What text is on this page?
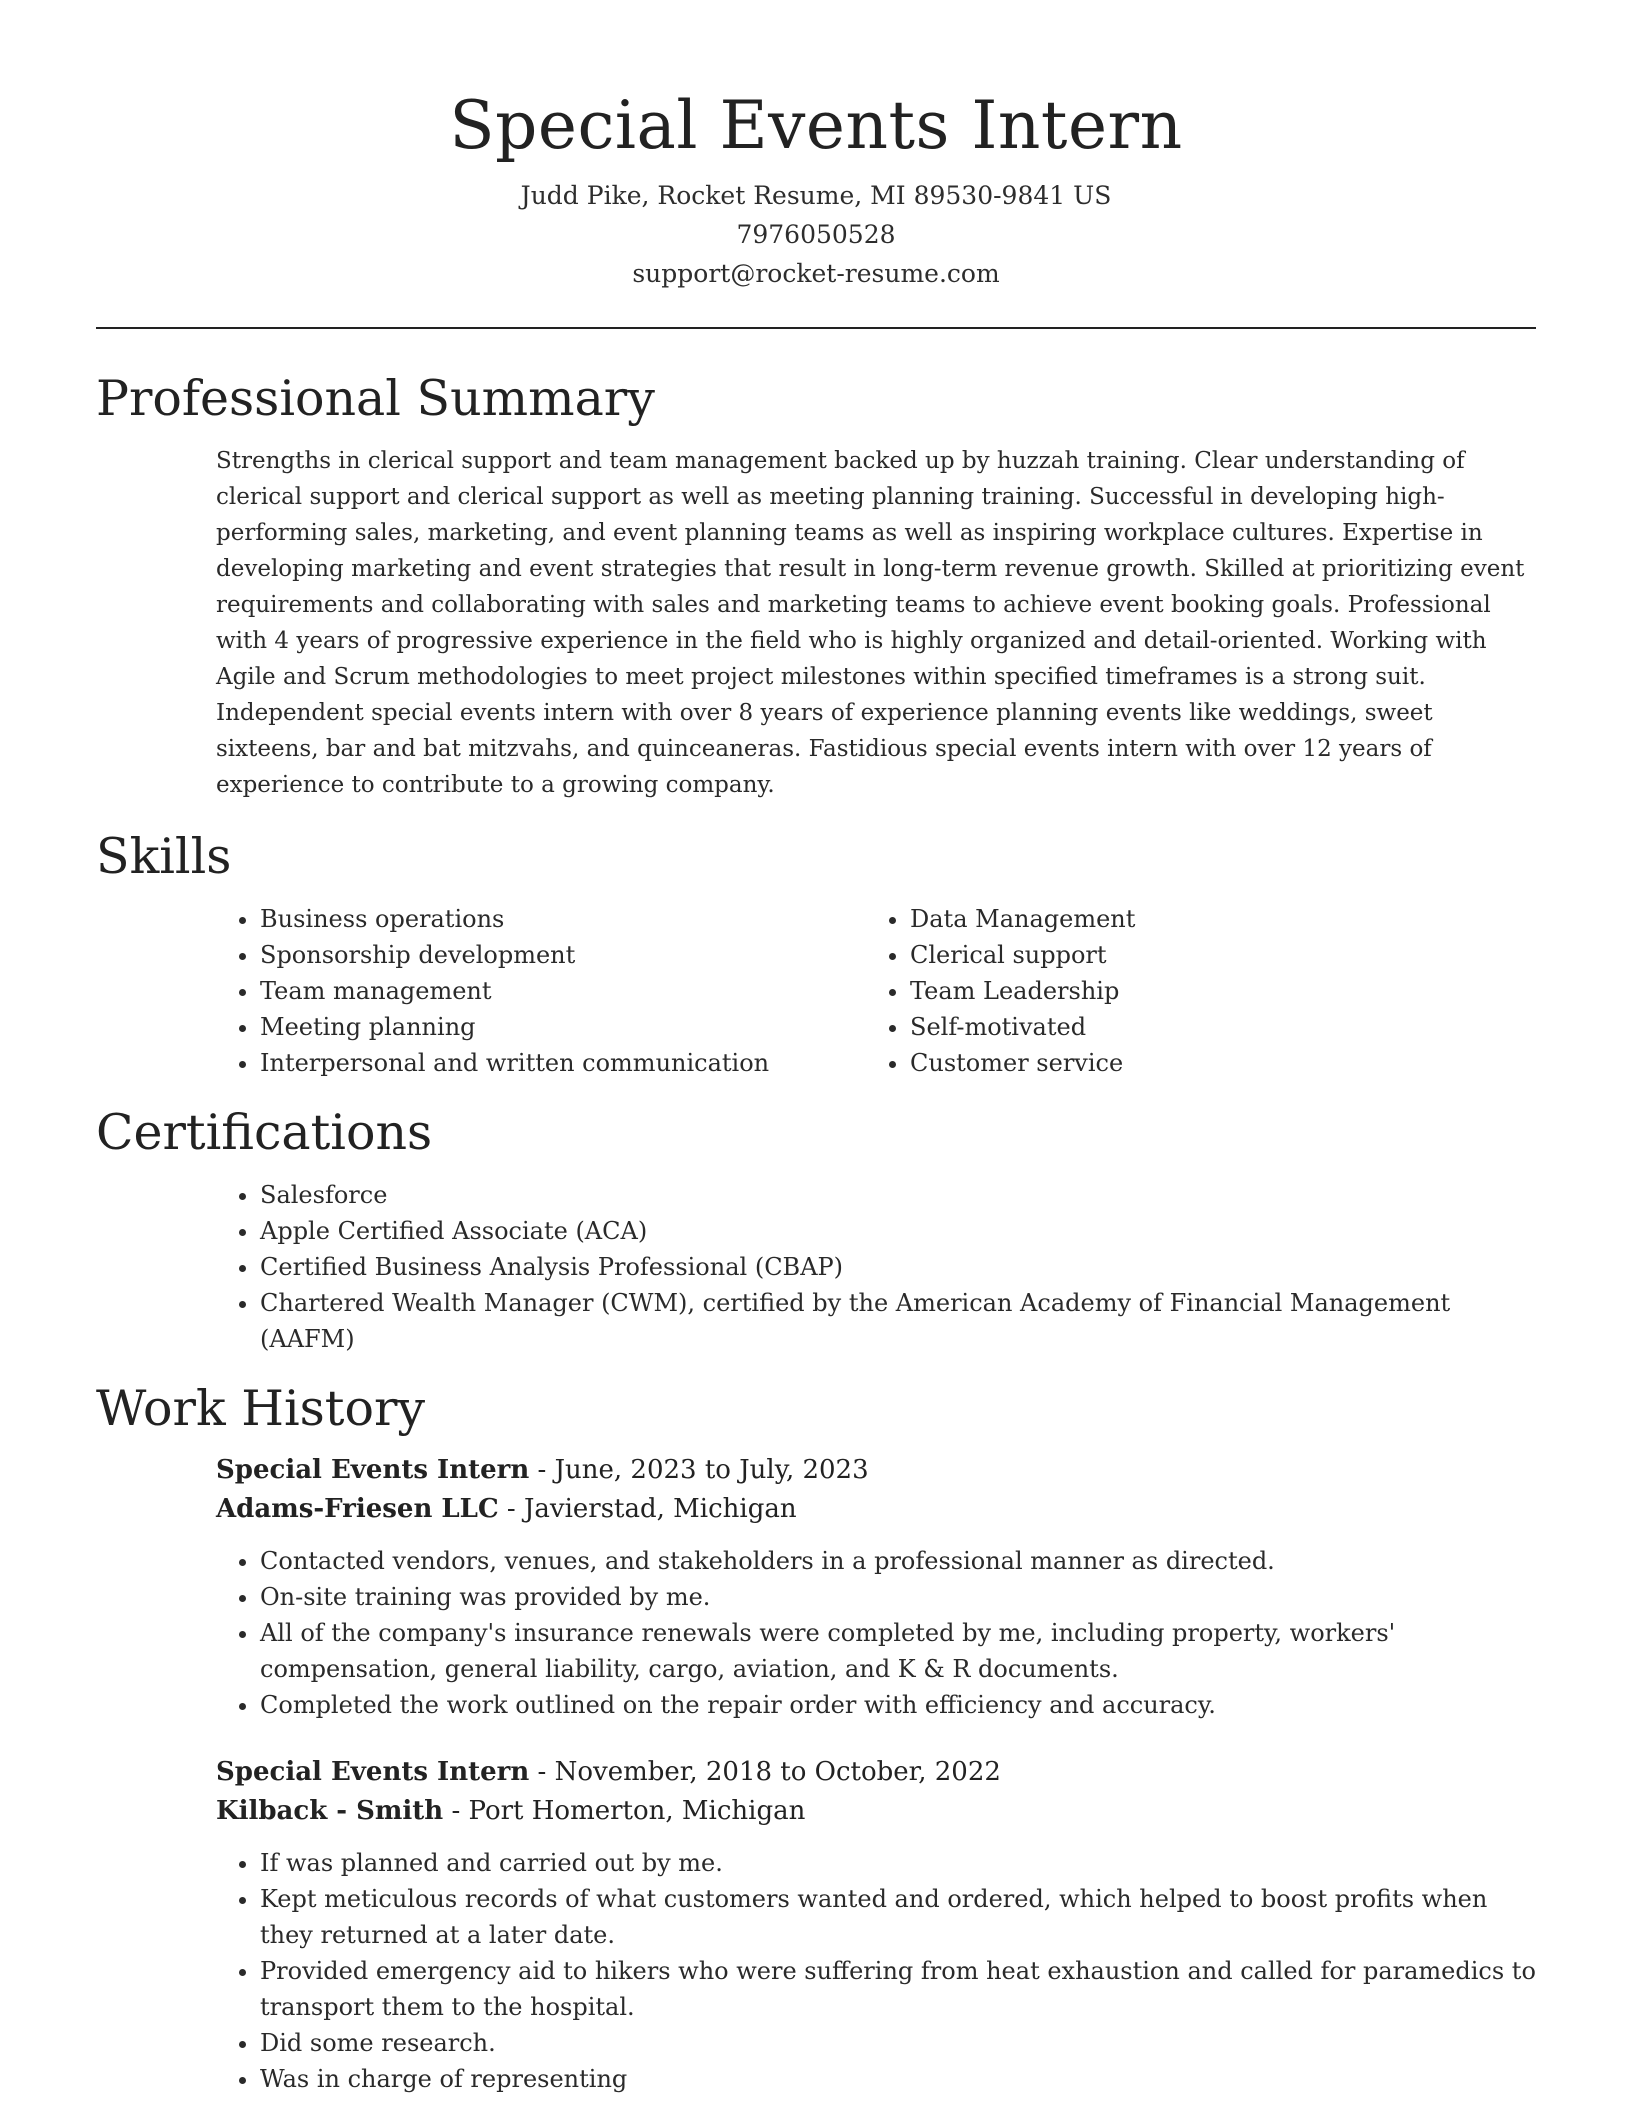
Special Events Intern
Judd Pike, Rocket Resume, MI 89530-9841 US
7976050528
support@rocket-resume.com
Professional Summary

Strengths in clerical support and team management backed up by huzzah training. Clear understanding of clerical support and clerical support as well as meeting planning training. Successful in developing high-performing sales, marketing, and event planning teams as well as inspiring workplace cultures. Expertise in developing marketing and event strategies that result in long-term revenue growth. Skilled at prioritizing event requirements and collaborating with sales and marketing teams to achieve event booking goals. Professional with 4 years of progressive experience in the field who is highly organized and detail-oriented. Working with Agile and Scrum methodologies to meet project milestones within specified timeframes is a strong suit. Independent special events intern with over 8 years of experience planning events like weddings, sweet sixteens, bar and bat mitzvahs, and quinceaneras. Fastidious special events intern with over 12 years of experience to contribute to a growing company.

Skills
• Business operations
• Sponsorship development
• Team management
• Meeting planning
• Interpersonal and written communication
• Data Management
• Clerical support
• Team Leadership
• Self-motivated
• Customer service
Certifications
• Salesforce
• Apple Certified Associate (ACA)
• Certified Business Analysis Professional (CBAP)
• Chartered Wealth Manager (CWM), certified by the American Academy of Financial Management (AAFM)
Work History
Special Events Intern - June, 2023 to July, 2023
Adams-Friesen LLC - Javierstad, Michigan
• Contacted vendors, venues, and stakeholders in a professional manner as directed.
• On-site training was provided by me.
• All of the company's insurance renewals were completed by me, including property, workers' compensation, general liability, cargo, aviation, and K & R documents.
• Completed the work outlined on the repair order with efficiency and accuracy.
Special Events Intern - November, 2018 to October, 2022
Kilback - Smith - Port Homerton, Michigan
• If was planned and carried out by me.
• Kept meticulous records of what customers wanted and ordered, which helped to boost profits when they returned at a later date.
• Provided emergency aid to hikers who were suffering from heat exhaustion and called for paramedics to transport them to the hospital.
• Did some research.
• Was in charge of representing
